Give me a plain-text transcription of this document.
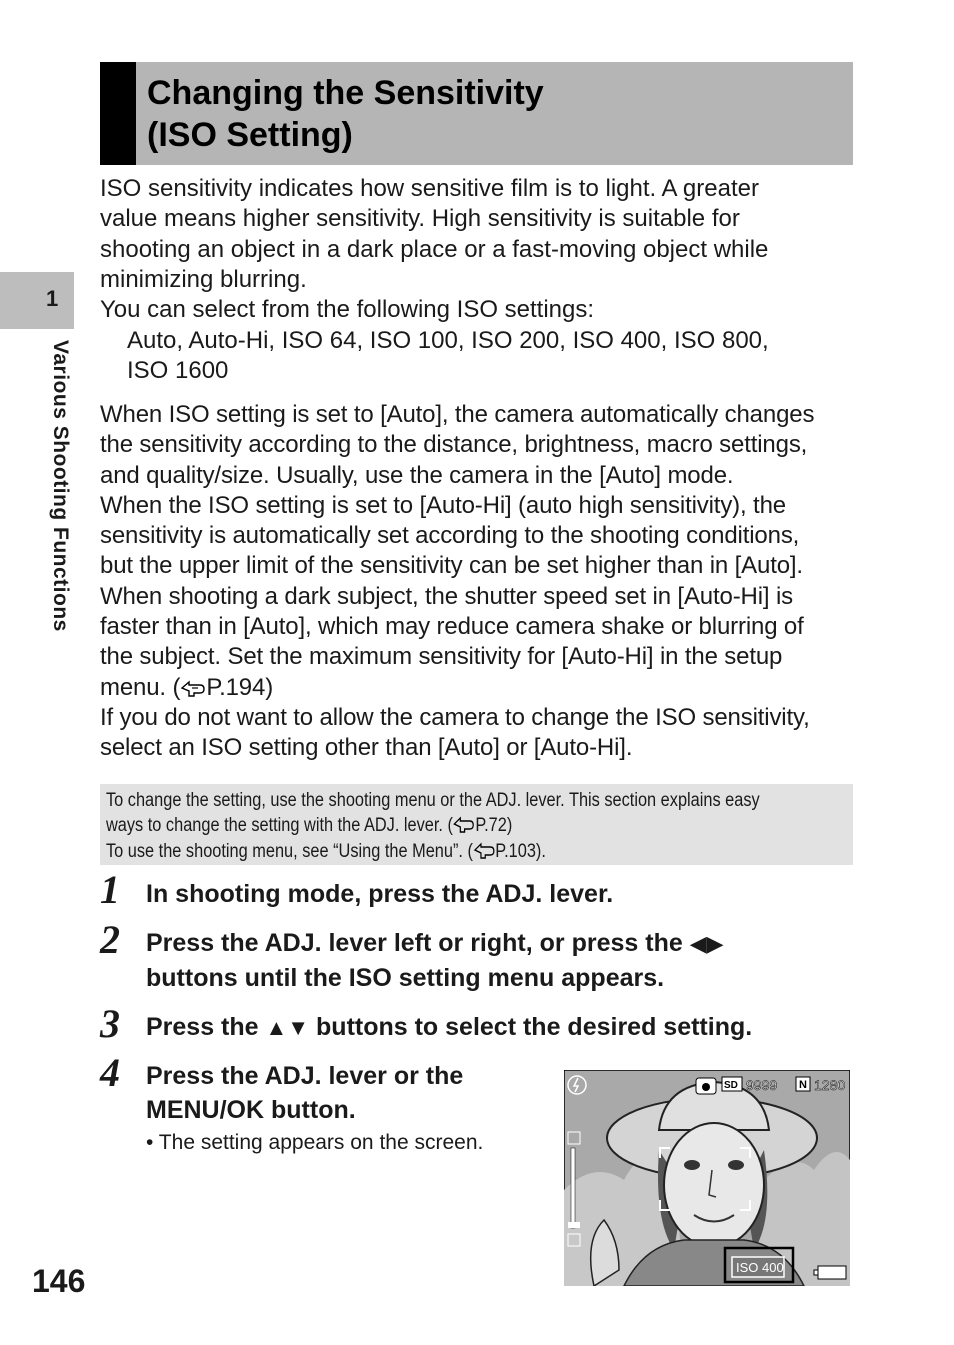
1
Various Shooting Functions
Changing the Sensitivity
(ISO Setting)
ISO sensitivity indicates how sensitive film is to light. A greater
value means higher sensitivity. High sensitivity is suitable for
shooting an object in a dark place or a fast-moving object while
minimizing blurring.
You can select from the following ISO settings:
Auto, Auto-Hi, ISO 64, ISO 100, ISO 200, ISO 400, ISO 800,
ISO 1600
When ISO setting is set to [Auto], the camera automatically changes
the sensitivity according to the distance, brightness, macro settings,
and quality/size. Usually, use the camera in the [Auto] mode.
When the ISO setting is set to [Auto-Hi] (auto high sensitivity), the
sensitivity is automatically set according to the shooting conditions,
but the upper limit of the sensitivity can be set higher than in [Auto].
When shooting a dark subject, the shutter speed set in [Auto-Hi] is
faster than in [Auto], which may reduce camera shake or blurring of
the subject. Set the maximum sensitivity for [Auto-Hi] in the setup
menu. ( P.194)
If you do not want to allow the camera to change the ISO sensitivity,
select an ISO setting other than [Auto] or [Auto-Hi].
To change the setting, use the shooting menu or the ADJ. lever. This section explains easy
ways to change the setting with the ADJ. lever. ( P.72)
To use the shooting menu, see “Using the Menu”. ( P.103).
1 In shooting mode, press the ADJ. lever.
2 Press the ADJ. lever left or right, or press the ◀▶
buttons until the ISO setting menu appears.
3 Press the ▲▼ buttons to select the desired setting.
4 Press the ADJ. lever or the
MENU/OK button.
• The setting appears on the screen.
SD 9999 N 1280
ISO 400
146
